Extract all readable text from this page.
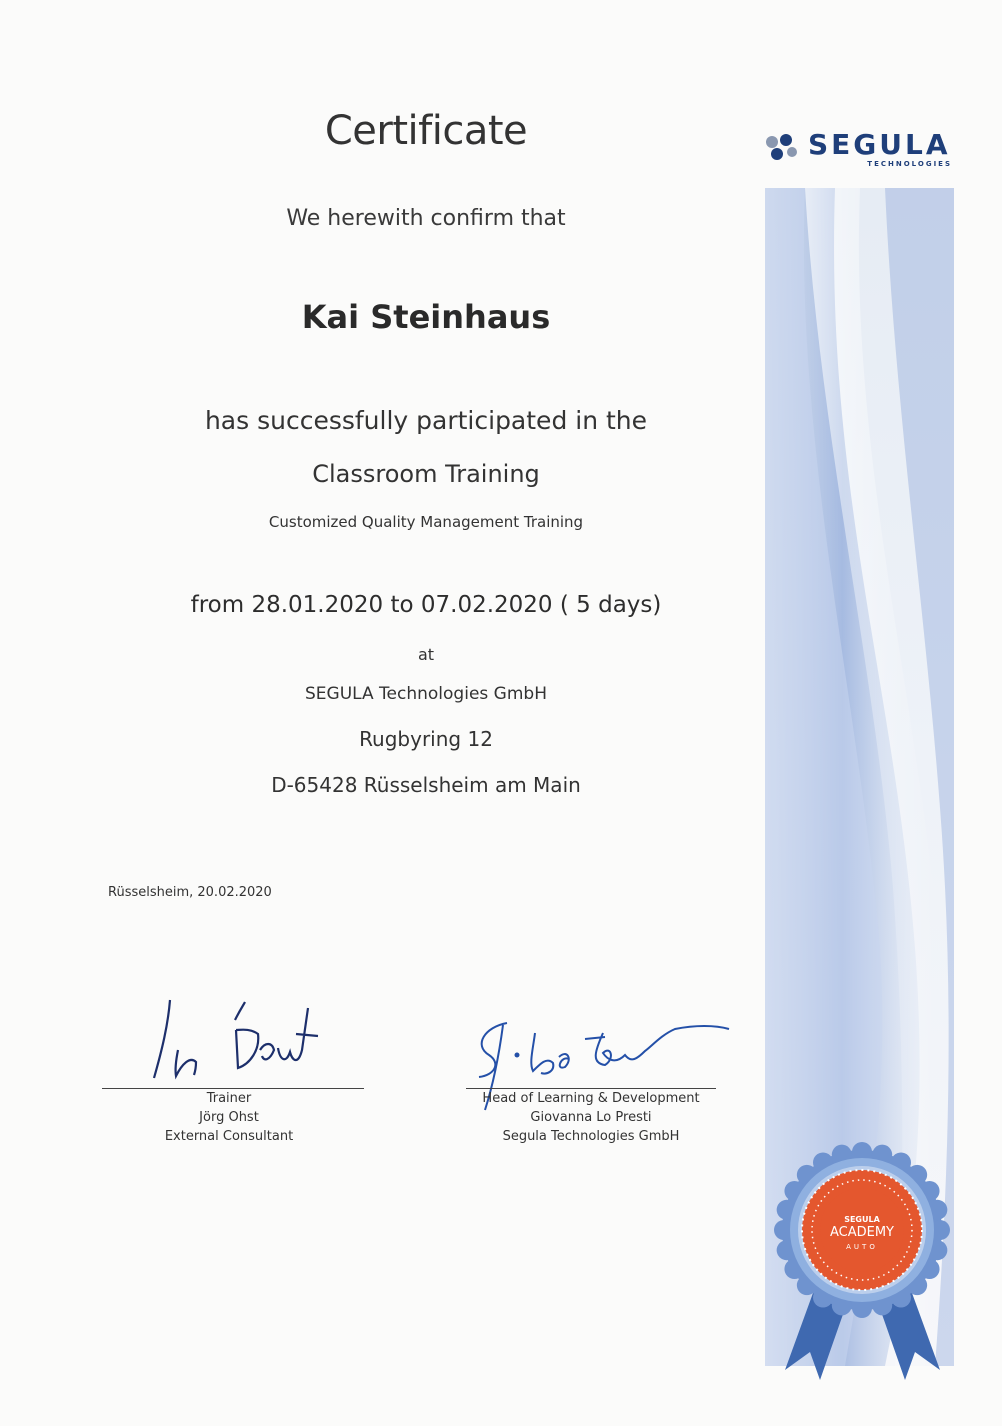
SEGULA
TECHNOLOGIES
Certificate
We herewith confirm that
Kai Steinhaus
has successfully participated in the
Classroom Training
Customized Quality Management Training
from 28.01.2020 to 07.02.2020 ( 5 days)
at
SEGULA Technologies GmbH
Rugbyring 12
D-65428 Rüsselsheim am Main
Rüsselsheim, 20.02.2020
Trainer
Jörg Ohst
External Consultant
Head of Learning & Development
Giovanna Lo Presti
Segula Technologies GmbH
SEGULA
ACADEMY
AUTO
